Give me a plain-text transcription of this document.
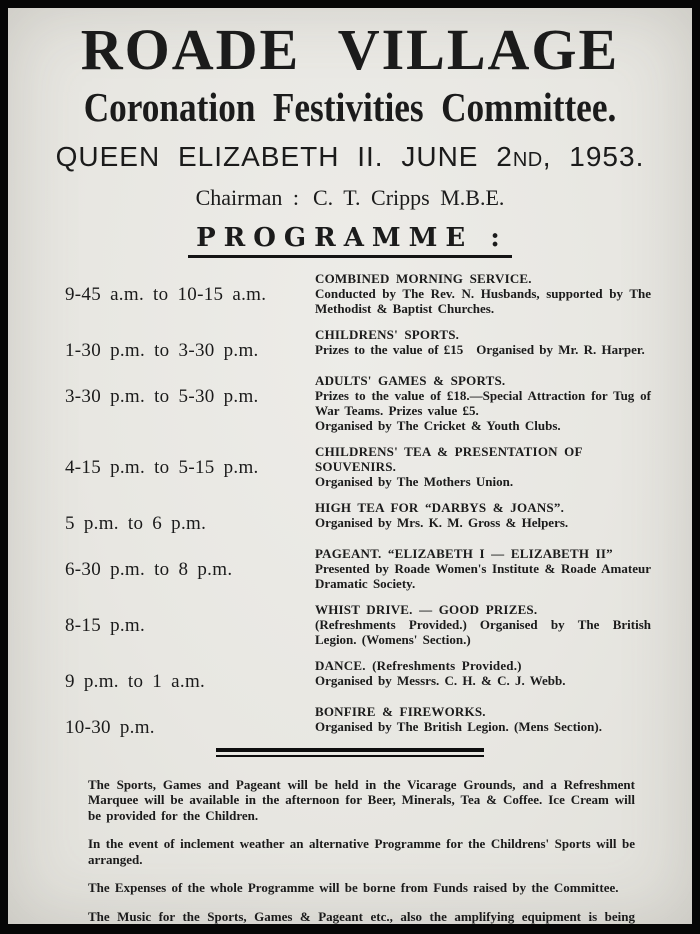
ROADE VILLAGE
Coronation Festivities Committee.
QUEEN ELIZABETH II. JUNE 2ND, 1953.
Chairman : C. T. Cripps M.B.E.
PROGRAMME :
9-45 a.m. to 10-15 a.m.
COMBINED MORNING SERVICE.

Conducted by The Rev. N. Husbands, supported by The Methodist & Baptist Churches.

1-30 p.m. to 3-30 p.m.
CHILDRENS' SPORTS.

Prizes to the value of £15 Organised by Mr. R. Harper.

3-30 p.m. to 5-30 p.m.
ADULTS' GAMES & SPORTS.

Prizes to the value of £18.—Special Attraction for Tug of War Teams. Prizes value £5.

Organised by The Cricket & Youth Clubs.

4-15 p.m. to 5-15 p.m.
CHILDRENS' TEA & PRESENTATION OF SOUVENIRS.

Organised by The Mothers Union.

5 p.m. to 6 p.m.
HIGH TEA FOR “DARBYS & JOANS”.

Organised by Mrs. K. M. Gross & Helpers.

6-30 p.m. to 8 p.m.
PAGEANT. “ELIZABETH I — ELIZABETH II”

Presented by Roade Women's Institute & Roade Amateur Dramatic Society.

8-15 p.m.
WHIST DRIVE. — GOOD PRIZES.

(Refreshments Provided.) Organised by The British Legion. (Womens' Section.)

9 p.m. to 1 a.m.
DANCE. (Refreshments Provided.)

Organised by Messrs. C. H. & C. J. Webb.

10-30 p.m.
BONFIRE & FIREWORKS.

Organised by The British Legion. (Mens Section).

The Sports, Games and Pageant will be held in the Vicarage Grounds, and a Refreshment Marquee will be available in the afternoon for Beer, Minerals, Tea & Coffee. Ice Cream will be provided for the Children.

In the event of inclement weather an alternative Programme for the Childrens' Sports will be arranged.

The Expenses of the whole Programme will be borne from Funds raised by the Committee.

The Music for the Sports, Games & Pageant etc., also the amplifying equipment is being provided by the courtesy of Mr. R. Munns.
